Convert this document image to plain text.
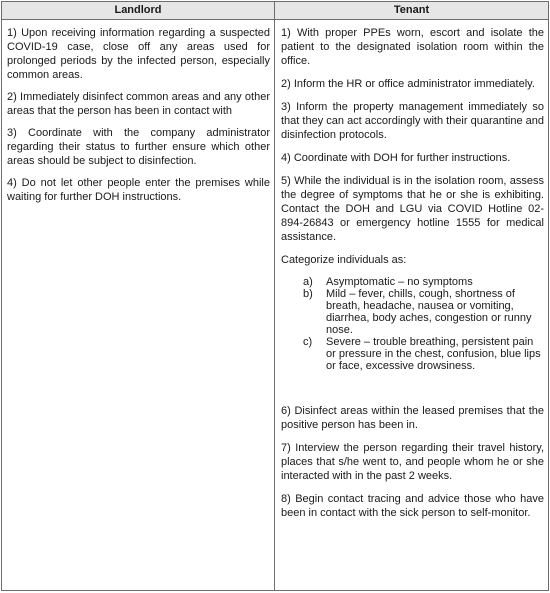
Landlord	Tenant

1) Upon receiving information regarding a suspected COVID-19 case, close off any areas used for prolonged periods by the infected person, especially common areas.

2) Immediately disinfect common areas and any other areas that the person has been in contact with

3) Coordinate with the company administrator regarding their status to further ensure which other areas should be subject to disinfection.

4) Do not let other people enter the premises while waiting for further DOH instructions.

1) With proper PPEs worn, escort and isolate the patient to the designated isolation room within the office.

2) Inform the HR or office administrator immediately.

3) Inform the property management immediately so that they can act accordingly with their quarantine and disinfection protocols.

4) Coordinate with DOH for further instructions.

5) While the individual is in the isolation room, assess the degree of symptoms that he or she is exhibiting. Contact the DOH and LGU via COVID Hotline 02-894-26843 or emergency hotline 1555 for medical assistance.

Categorize individuals as:

a) Asymptomatic – no symptoms
b) Mild – fever, chills, cough, shortness of breath, headache, nausea or vomiting, diarrhea, body aches, congestion or runny nose.
c) Severe – trouble breathing, persistent pain or pressure in the chest, confusion, blue lips or face, excessive drowsiness.

6) Disinfect areas within the leased premises that the positive person has been in.

7) Interview the person regarding their travel history, places that s/he went to, and people whom he or she interacted with in the past 2 weeks.

8) Begin contact tracing and advice those who have been in contact with the sick person to self-monitor.
